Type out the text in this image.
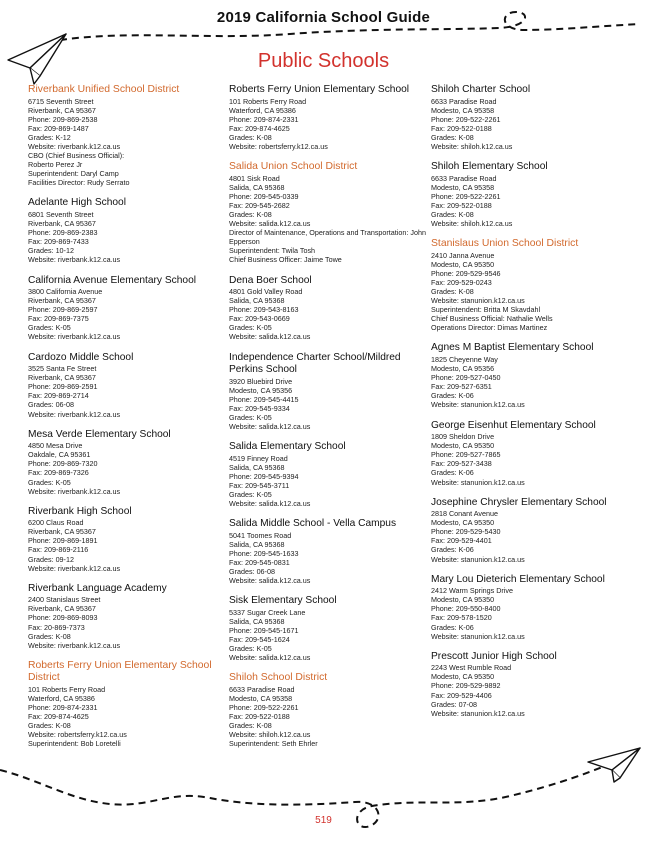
2019 California School Guide
Public Schools
Riverbank Unified School District
6715 Seventh Street
Riverbank, CA 95367
Phone: 209-869-2538
Fax: 209-869-1487
Grades: K-12
Website: riverbank.k12.ca.us
CBO (Chief Business Official):
Roberto Perez Jr
Superintendent: Daryl Camp
Facilities Director: Rudy Serrato
Adelante High School
6801 Seventh Street
Riverbank, CA 95367
Phone: 209-869-2383
Fax: 209-869-7433
Grades: 10-12
Website: riverbank.k12.ca.us
California Avenue Elementary School
3800 California Avenue
Riverbank, CA 95367
Phone: 209-869-2597
Fax: 209-869-7375
Grades: K-05
Website: riverbank.k12.ca.us
Cardozo Middle School
3525 Santa Fe Street
Riverbank, CA 95367
Phone: 209-869-2591
Fax: 209-869-2714
Grades: 06-08
Website: riverbank.k12.ca.us
Mesa Verde Elementary School
4850 Mesa Drive
Oakdale, CA 95361
Phone: 209-869-7320
Fax: 209-869-7326
Grades: K-05
Website: riverbank.k12.ca.us
Riverbank High School
6200 Claus Road
Riverbank, CA 95367
Phone: 209-869-1891
Fax: 209-869-2116
Grades: 09-12
Website: riverbank.k12.ca.us
Riverbank Language Academy
2400 Stanislaus Street
Riverbank, CA 95367
Phone: 209-869-8093
Fax: 20-869-7373
Grades: K-08
Website: riverbank.k12.ca.us
Roberts Ferry Union Elementary School District
101 Roberts Ferry Road
Waterford, CA 95386
Phone: 209-874-2331
Fax: 209-874-4625
Grades: K-08
Website: robertsferry.k12.ca.us
Superintendent: Bob Loretelli
Roberts Ferry Union Elementary School
101 Roberts Ferry Road
Waterford, CA 95386
Phone: 209-874-2331
Fax: 209-874-4625
Grades: K-08
Website: robertsferry.k12.ca.us
Salida Union School District
4801 Sisk Road
Salida, CA 95368
Phone: 209-545-0339
Fax: 209-545-2682
Grades: K-08
Website: salida.k12.ca.us
Director of Maintenance, Operations and Transportation: John Epperson
Superintendent: Twila Tosh
Chief Business Officer: Jaime Towe
Dena Boer School
4801 Gold Valley Road
Salida, CA 95368
Phone: 209-543-8163
Fax: 209-543-0669
Grades: K-05
Website: salida.k12.ca.us
Independence Charter School/Mildred Perkins School
3920 Bluebird Drive
Modesto, CA 95356
Phone: 209-545-4415
Fax: 209-545-9334
Grades: K-05
Website: salida.k12.ca.us
Salida Elementary School
4519 Finney Road
Salida, CA 95368
Phone: 209-545-9394
Fax: 209-545-3711
Grades: K-05
Website: salida.k12.ca.us
Salida Middle School - Vella Campus
5041 Toomes Road
Salida, CA 95368
Phone: 209-545-1633
Fax: 209-545-0831
Grades: 06-08
Website: salida.k12.ca.us
Sisk Elementary School
5337 Sugar Creek Lane
Salida, CA 95368
Phone: 209-545-1671
Fax: 209-545-1624
Grades: K-05
Website: salida.k12.ca.us
Shiloh School District
6633 Paradise Road
Modesto, CA 95358
Phone: 209-522-2261
Fax: 209-522-0188
Grades: K-08
Website: shiloh.k12.ca.us
Superintendent: Seth Ehrler
Shiloh Charter School
6633 Paradise Road
Modesto, CA 95358
Phone: 209-522-2261
Fax: 209-522-0188
Grades: K-08
Website: shiloh.k12.ca.us
Shiloh Elementary School
6633 Paradise Road
Modesto, CA 95358
Phone: 209-522-2261
Fax: 209-522-0188
Grades: K-08
Website: shiloh.k12.ca.us
Stanislaus Union School District
2410 Janna Avenue
Modesto, CA 95350
Phone: 209-529-9546
Fax: 209-529-0243
Grades: K-08
Website: stanunion.k12.ca.us
Superintendent: Britta M Skavdahl
Chief Business Official: Nathalie Wells
Operations Director: Dimas Martinez
Agnes M Baptist Elementary School
1825 Cheyenne Way
Modesto, CA 95356
Phone: 209-527-0450
Fax: 209-527-6351
Grades: K-06
Website: stanunion.k12.ca.us
George Eisenhut Elementary School
1809 Sheldon Drive
Modesto, CA 95350
Phone: 209-527-7865
Fax: 209-527-3438
Grades: K-06
Website: stanunion.k12.ca.us
Josephine Chrysler Elementary School
2818 Conant Avenue
Modesto, CA 95350
Phone: 209-529-5430
Fax: 209-529-4401
Grades: K-06
Website: stanunion.k12.ca.us
Mary Lou Dieterich Elementary School
2412 Warm Springs Drive
Modesto, CA 95350
Phone: 209-550-8400
Fax: 209-578-1520
Grades: K-06
Website: stanunion.k12.ca.us
Prescott Junior High School
2243 West Rumble Road
Modesto, CA 95350
Phone: 209-529-9892
Fax: 209-529-4406
Grades: 07-08
Website: stanunion.k12.ca.us
519
